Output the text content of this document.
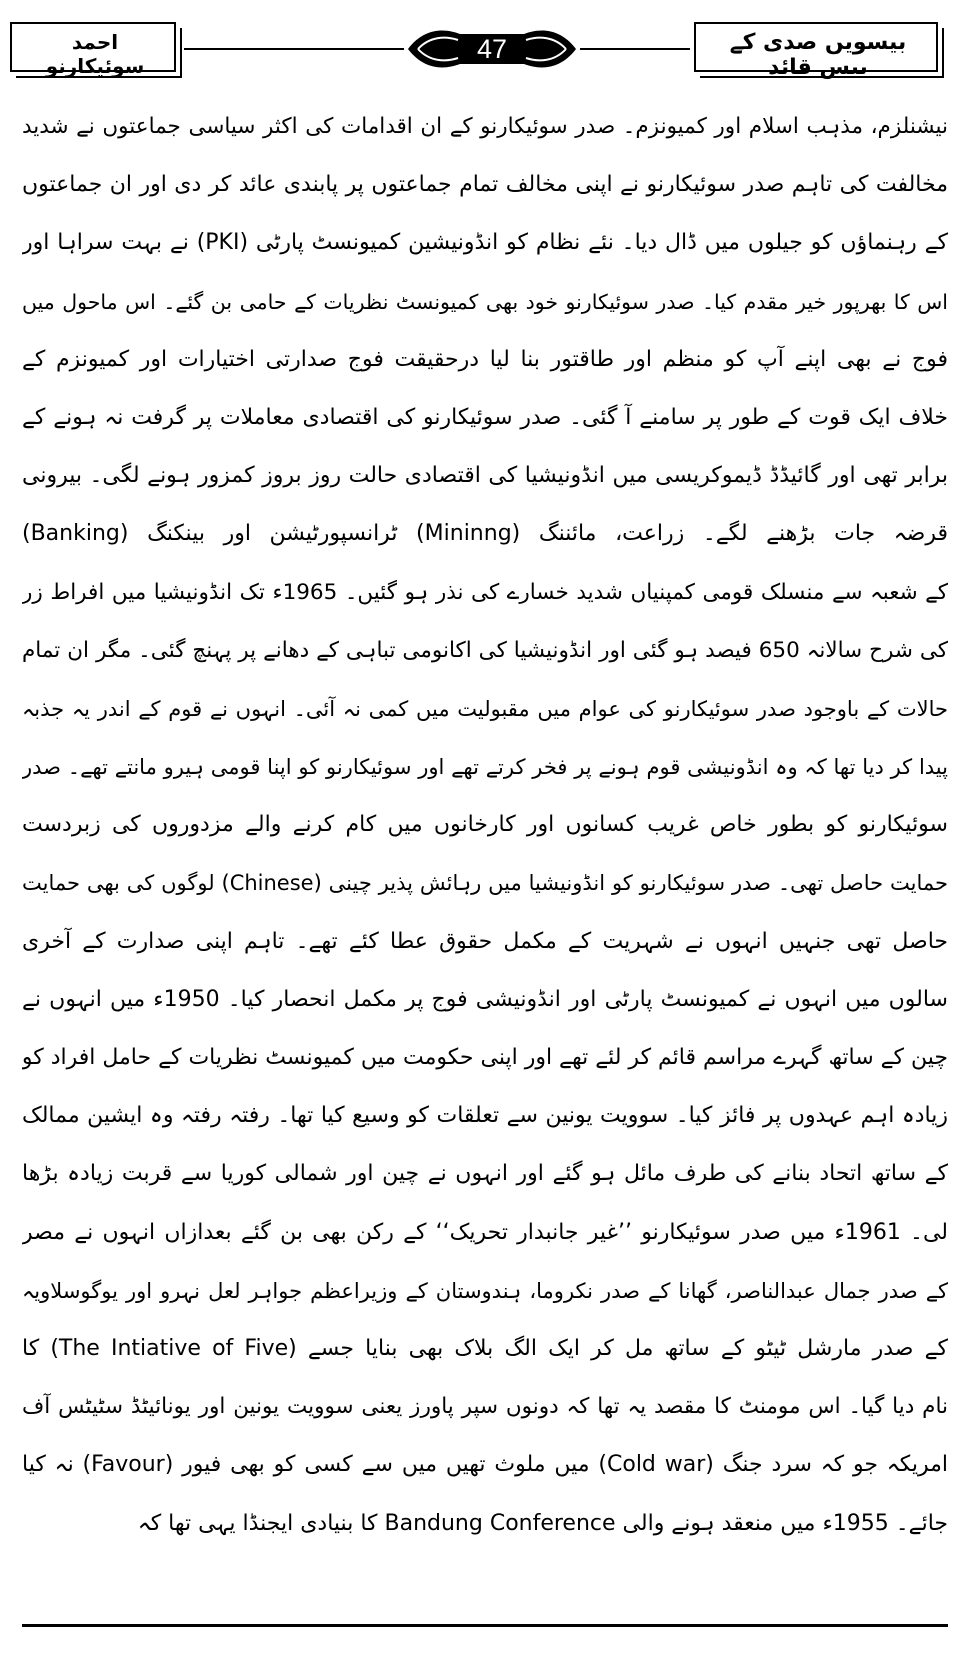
بیسویں صدی کے بیس قائد
احمد سوئیکارنو
47
نیشنلزم، مذہب اسلام اور کمیونزم۔ صدر سوئیکارنو کے ان اقدامات کی اکثر سیاسی جماعتوں نے شدید
مخالفت کی تاہم صدر سوئیکارنو نے اپنی مخالف تمام جماعتوں پر پابندی عائد کر دی اور ان جماعتوں
کے رہنماؤں کو جیلوں میں ڈال دیا۔ نئے نظام کو انڈونیشین کمیونسٹ پارٹی (PKI) نے بہت سراہا اور
اس کا بھرپور خیر مقدم کیا۔ صدر سوئیکارنو خود بھی کمیونسٹ نظریات کے حامی بن گئے۔ اس ماحول میں
فوج نے بھی اپنے آپ کو منظم اور طاقتور بنا لیا درحقیقت فوج صدارتی اختیارات اور کمیونزم کے
خلاف ایک قوت کے طور پر سامنے آ گئی۔ صدر سوئیکارنو کی اقتصادی معاملات پر گرفت نہ ہونے کے
برابر تھی اور گائیڈڈ ڈیموکریسی میں انڈونیشیا کی اقتصادی حالت روز بروز کمزور ہونے لگی۔ بیرونی
قرضہ جات بڑھنے لگے۔ زراعت، مائننگ (Mininng) ٹرانسپورٹیشن اور بینکنگ (Banking)
کے شعبہ سے منسلک قومی کمپنیاں شدید خسارے کی نذر ہو گئیں۔ 1965ء تک انڈونیشیا میں افراط زر
کی شرح سالانہ 650 فیصد ہو گئی اور انڈونیشیا کی اکانومی تباہی کے دھانے پر پہنچ گئی۔ مگر ان تمام
حالات کے باوجود صدر سوئیکارنو کی عوام میں مقبولیت میں کمی نہ آئی۔ انہوں نے قوم کے اندر یہ جذبہ
پیدا کر دیا تھا کہ وہ انڈونیشی قوم ہونے پر فخر کرتے تھے اور سوئیکارنو کو اپنا قومی ہیرو مانتے تھے۔ صدر
سوئیکارنو کو بطور خاص غریب کسانوں اور کارخانوں میں کام کرنے والے مزدوروں کی زبردست
حمایت حاصل تھی۔ صدر سوئیکارنو کو انڈونیشیا میں رہائش پذیر چینی (Chinese) لوگوں کی بھی حمایت
حاصل تھی جنہیں انہوں نے شہریت کے مکمل حقوق عطا کئے تھے۔ تاہم اپنی صدارت کے آخری
سالوں میں انہوں نے کمیونسٹ پارٹی اور انڈونیشی فوج پر مکمل انحصار کیا۔ 1950ء میں انہوں نے
چین کے ساتھ گہرے مراسم قائم کر لئے تھے اور اپنی حکومت میں کمیونسٹ نظریات کے حامل افراد کو
زیادہ اہم عہدوں پر فائز کیا۔ سوویت یونین سے تعلقات کو وسیع کیا تھا۔ رفتہ رفتہ وہ ایشین ممالک
کے ساتھ اتحاد بنانے کی طرف مائل ہو گئے اور انہوں نے چین اور شمالی کوریا سے قربت زیادہ بڑھا
لی۔ 1961ء میں صدر سوئیکارنو ’’غیر جانبدار تحریک‘‘ کے رکن بھی بن گئے بعدازاں انہوں نے مصر
کے صدر جمال عبدالناصر، گھانا کے صدر نکروما، ہندوستان کے وزیراعظم جواہر لعل نہرو اور یوگوسلاویہ
کے صدر مارشل ٹیٹو کے ساتھ مل کر ایک الگ بلاک بھی بنایا جسے (The Intiative of Five) کا
نام دیا گیا۔ اس مومنٹ کا مقصد یہ تھا کہ دونوں سپر پاورز یعنی سوویت یونین اور یونائیٹڈ سٹیٹس آف
امریکہ جو کہ سرد جنگ (Cold war) میں ملوث تھیں میں سے کسی کو بھی فیور (Favour) نہ کیا
جائے۔ 1955ء میں منعقد ہونے والی Bandung Conference کا بنیادی ایجنڈا یہی تھا کہ
